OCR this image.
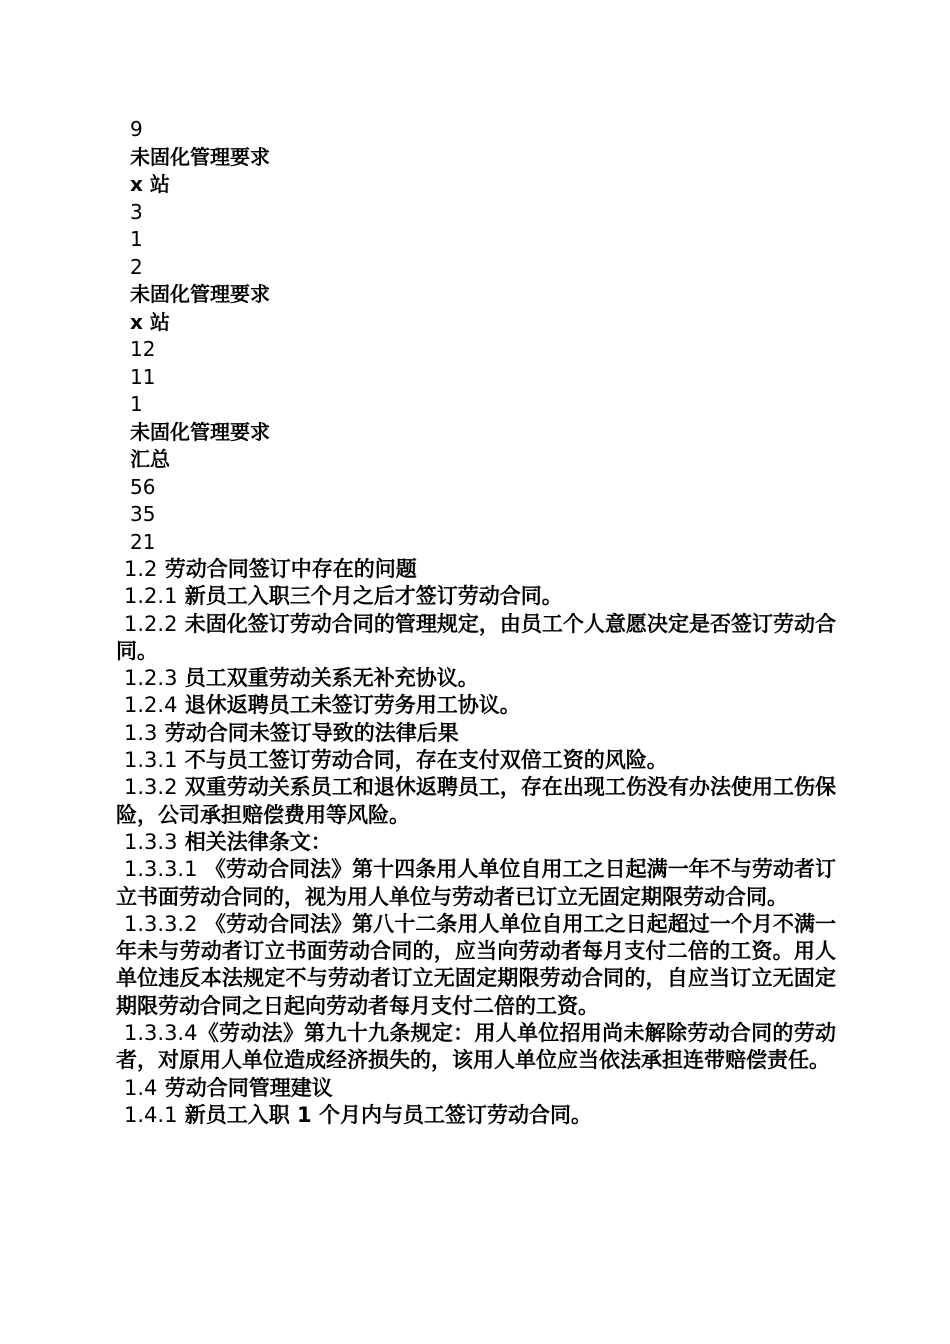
9
未固化管理要求
x 站
3
1
2
未固化管理要求
x 站
12
11
1
未固化管理要求
汇总
56
35
21

1.2 劳动合同签订中存在的问题

1.2.1 新员工入职三个月之后才签订劳动合同。

1.2.2 未固化签订劳动合同的管理规定，由员工个人意愿决定是否签订劳动合同。

1.2.3 员工双重劳动关系无补充协议。

1.2.4 退休返聘员工未签订劳务用工协议。

1.3 劳动合同未签订导致的法律后果

1.3.1 不与员工签订劳动合同，存在支付双倍工资的风险。

1.3.2 双重劳动关系员工和退休返聘员工，存在出现工伤没有办法使用工伤保险，公司承担赔偿费用等风险。

1.3.3 相关法律条文：

1.3.3.1 《劳动合同法》第十四条用人单位自用工之日起满一年不与劳动者订立书面劳动合同的，视为用人单位与劳动者已订立无固定期限劳动合同。

1.3.3.2 《劳动合同法》第八十二条用人单位自用工之日起超过一个月不满一年未与劳动者订立书面劳动合同的，应当向劳动者每月支付二倍的工资。用人单位违反本法规定不与劳动者订立无固定期限劳动合同的，自应当订立无固定期限劳动合同之日起向劳动者每月支付二倍的工资。

1.3.3.4《劳动法》第九十九条规定：用人单位招用尚未解除劳动合同的劳动者，对原用人单位造成经济损失的，该用人单位应当依法承担连带赔偿责任。

1.4 劳动合同管理建议

1.4.1 新员工入职 1 个月内与员工签订劳动合同。
